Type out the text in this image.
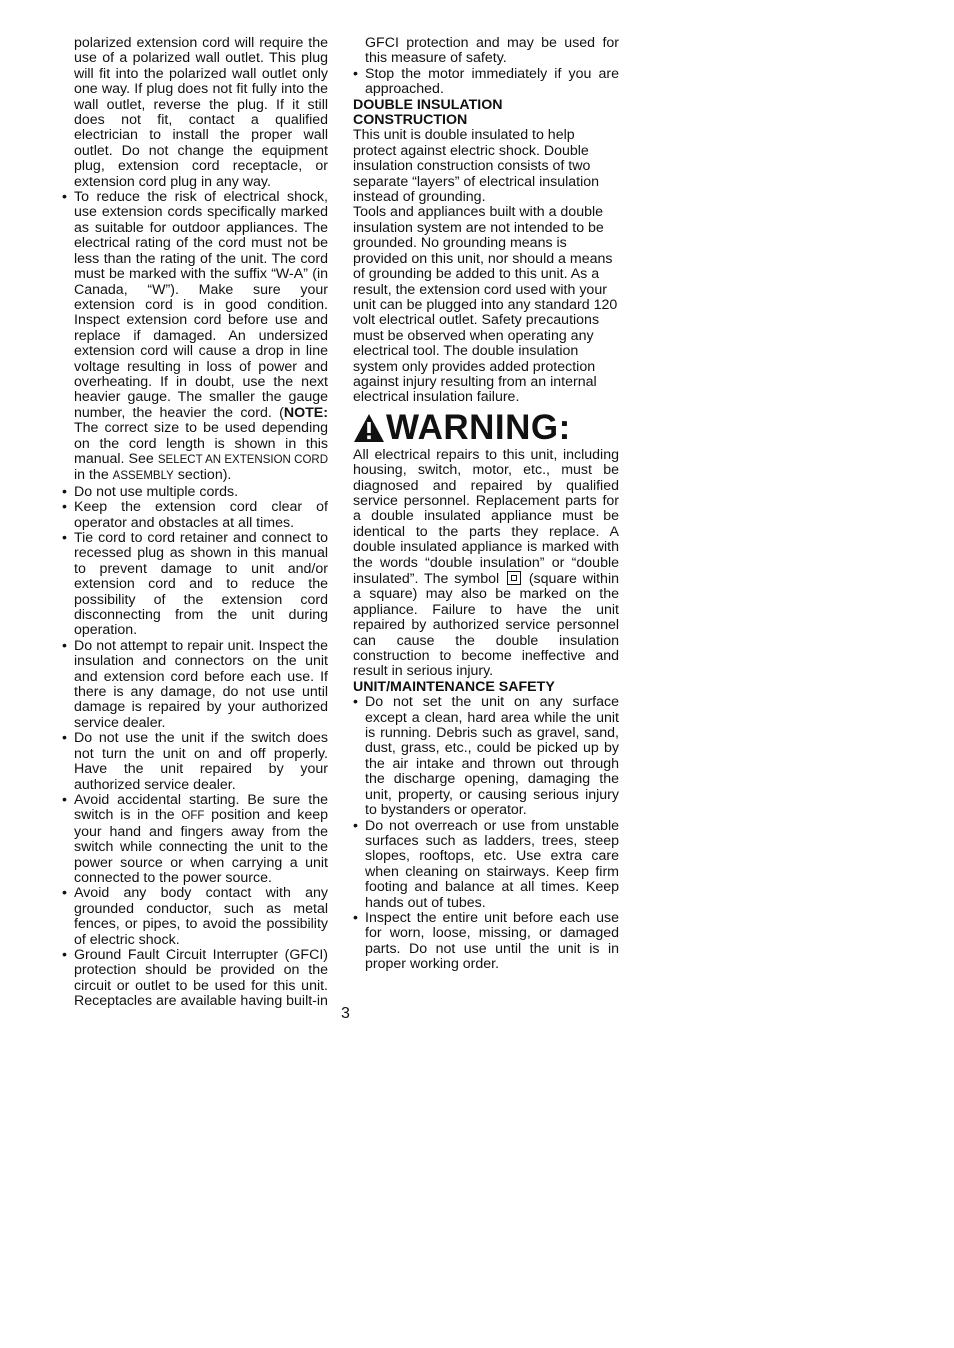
polarized extension cord will require the use of a polarized wall outlet. This plug will fit into the polarized wall outlet only one way. If plug does not fit fully into the wall outlet, reverse the plug. If it still does not fit, contact a qualified electrician to install the proper wall outlet. Do not change the equipment plug, extension cord receptacle, or extension cord plug in any way.

• To reduce the risk of electrical shock, use extension cords specifically marked as suitable for outdoor appliances. The electrical rating of the cord must not be less than the rating of the unit. The cord must be marked with the suffix “W-A” (in Canada, “W”). Make sure your extension cord is in good condition. Inspect extension cord before use and replace if damaged. An undersized extension cord will cause a drop in line voltage resulting in loss of power and overheating. If in doubt, use the next heavier gauge. The smaller the gauge number, the heavier the cord. (NOTE: The correct size to be used depending on the cord length is shown in this manual. See SELECT AN EXTENSION CORD in the ASSEMBLY section).
• Do not use multiple cords.
• Keep the extension cord clear of operator and obstacles at all times.
• Tie cord to cord retainer and connect to recessed plug as shown in this manual to prevent damage to unit and/or extension cord and to reduce the possibility of the extension cord disconnecting from the unit during operation.
• Do not attempt to repair unit. Inspect the insulation and connectors on the unit and extension cord before each use. If there is any damage, do not use until damage is repaired by your authorized service dealer.
• Do not use the unit if the switch does not turn the unit on and off properly. Have the unit repaired by your authorized service dealer.
• Avoid accidental starting. Be sure the switch is in the OFF position and keep your hand and fingers away from the switch while connecting the unit to the power source or when carrying a unit connected to the power source.
• Avoid any body contact with any grounded conductor, such as metal fences, or pipes, to avoid the possibility of electric shock.
• Ground Fault Circuit Interrupter (GFCI) protection should be provided on the circuit or outlet to be used for this unit. Receptacles are available having built-in

GFCI protection and may be used for this measure of safety.

• Stop the motor immediately if you are approached.
DOUBLE INSULATION CONSTRUCTION

This unit is double insulated to help protect against electric shock. Double insulation construction consists of two separate “layers” of electrical insulation instead of grounding.

Tools and appliances built with a double insulation system are not intended to be grounded. No grounding means is provided on this unit, nor should a means of grounding be added to this unit. As a result, the extension cord used with your unit can be plugged into any standard 120 volt electrical outlet. Safety precautions must be observed when operating any electrical tool. The double insulation system only provides added protection against injury resulting from an internal electrical insulation failure.

WARNING:

All electrical repairs to this unit, including housing, switch, motor, etc., must be diagnosed and repaired by qualified service personnel. Replacement parts for a double insulated appliance must be identical to the parts they replace. A double insulated appliance is marked with the words “double insulation” or “double insulated”. The symbol (square within a square) may also be marked on the appliance. Failure to have the unit repaired by authorized service personnel can cause the double insulation construction to become ineffective and result in serious injury.

UNIT/MAINTENANCE SAFETY
• Do not set the unit on any surface except a clean, hard area while the unit is running. Debris such as gravel, sand, dust, grass, etc., could be picked up by the air intake and thrown out through the discharge opening, damaging the unit, property, or causing serious injury to bystanders or operator.
• Do not overreach or use from unstable surfaces such as ladders, trees, steep slopes, rooftops, etc. Use extra care when cleaning on stairways. Keep firm footing and balance at all times. Keep hands out of tubes.
• Inspect the entire unit before each use for worn, loose, missing, or damaged parts. Do not use until the unit is in proper working order.
3
